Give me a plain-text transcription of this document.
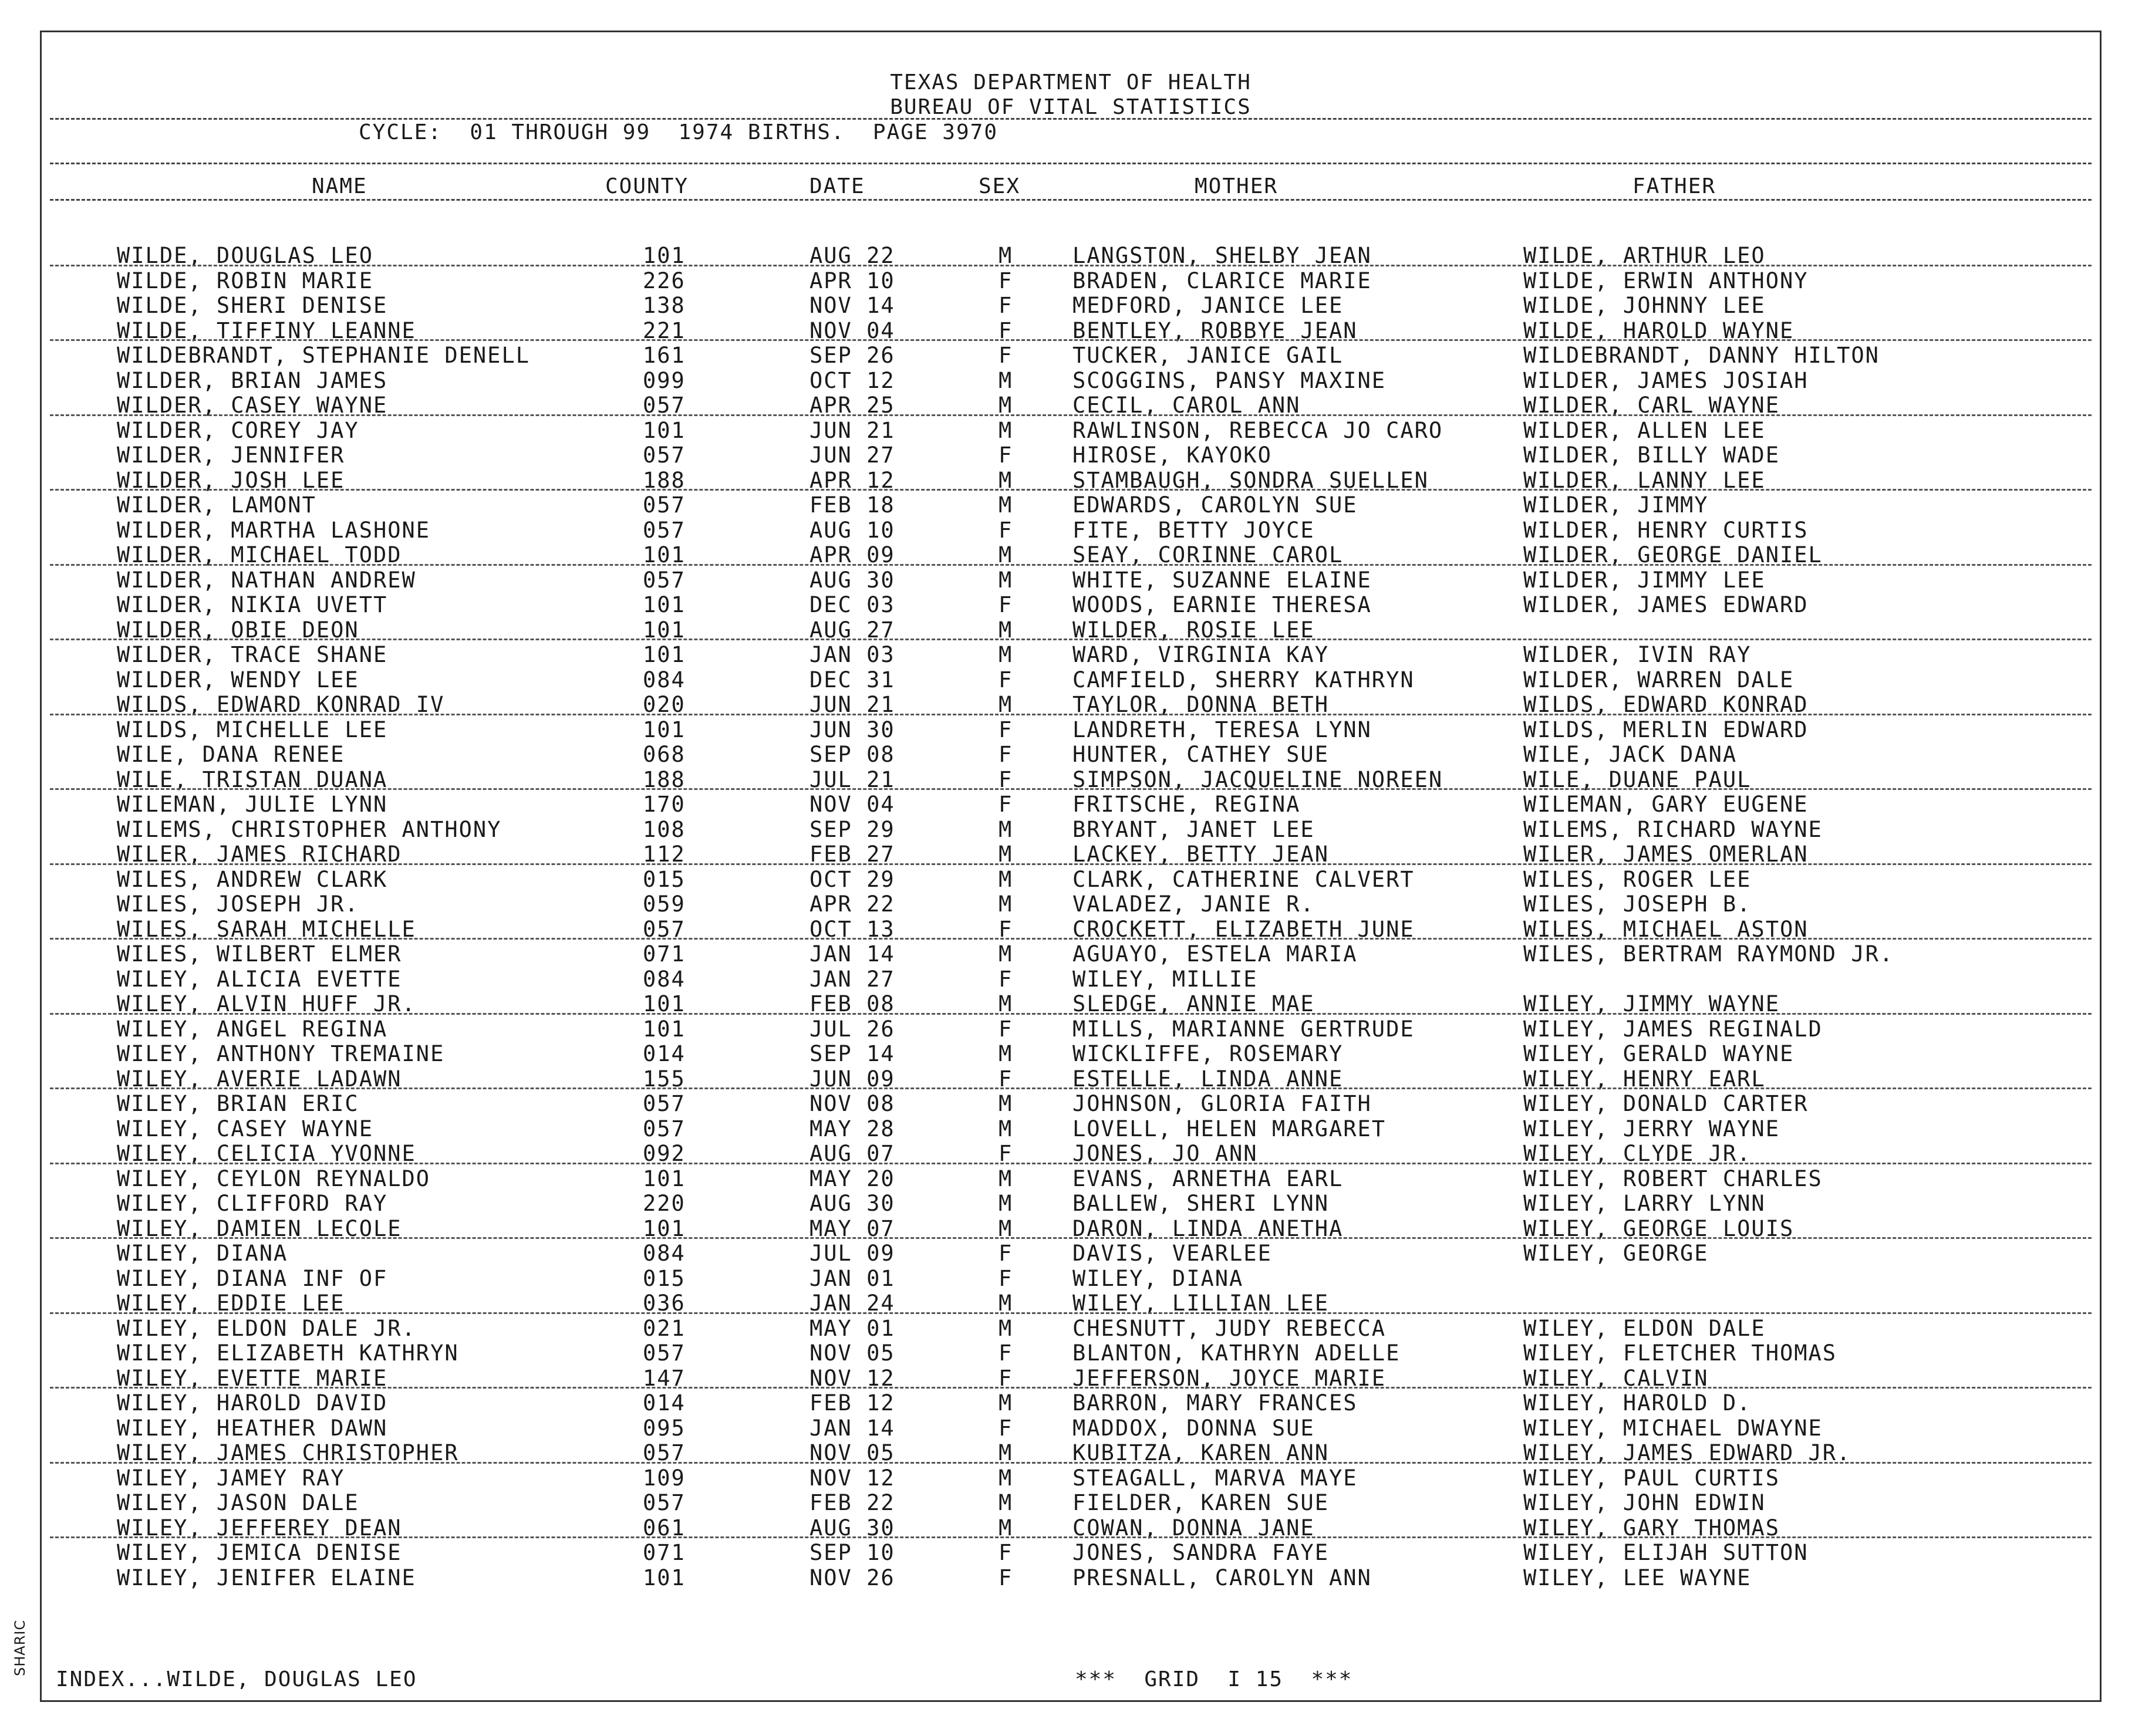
TEXAS DEPARTMENT OF HEALTH
BUREAU OF VITAL STATISTICS
CYCLE:  01 THROUGH 99  1974 BIRTHS.  PAGE 3970
NAME	COUNTY	DATE	SEX	MOTHER	FATHER
WILDE, DOUGLAS LEO	101	AUG 22	M	LANGSTON, SHELBY JEAN	WILDE, ARTHUR LEO
WILDE, ROBIN MARIE	226	APR 10	F	BRADEN, CLARICE MARIE	WILDE, ERWIN ANTHONY
WILDE, SHERI DENISE	138	NOV 14	F	MEDFORD, JANICE LEE	WILDE, JOHNNY LEE
WILDE, TIFFINY LEANNE	221	NOV 04	F	BENTLEY, ROBBYE JEAN	WILDE, HAROLD WAYNE
WILDEBRANDT, STEPHANIE DENELL	161	SEP 26	F	TUCKER, JANICE GAIL	WILDEBRANDT, DANNY HILTON
WILDER, BRIAN JAMES	099	OCT 12	M	SCOGGINS, PANSY MAXINE	WILDER, JAMES JOSIAH
WILDER, CASEY WAYNE	057	APR 25	M	CECIL, CAROL ANN	WILDER, CARL WAYNE
WILDER, COREY JAY	101	JUN 21	M	RAWLINSON, REBECCA JO CARO	WILDER, ALLEN LEE
WILDER, JENNIFER	057	JUN 27	F	HIROSE, KAYOKO	WILDER, BILLY WADE
WILDER, JOSH LEE	188	APR 12	M	STAMBAUGH, SONDRA SUELLEN	WILDER, LANNY LEE
WILDER, LAMONT	057	FEB 18	M	EDWARDS, CAROLYN SUE	WILDER, JIMMY
WILDER, MARTHA LASHONE	057	AUG 10	F	FITE, BETTY JOYCE	WILDER, HENRY CURTIS
WILDER, MICHAEL TODD	101	APR 09	M	SEAY, CORINNE CAROL	WILDER, GEORGE DANIEL
WILDER, NATHAN ANDREW	057	AUG 30	M	WHITE, SUZANNE ELAINE	WILDER, JIMMY LEE
WILDER, NIKIA UVETT	101	DEC 03	F	WOODS, EARNIE THERESA	WILDER, JAMES EDWARD
WILDER, OBIE DEON	101	AUG 27	M	WILDER, ROSIE LEE
WILDER, TRACE SHANE	101	JAN 03	M	WARD, VIRGINIA KAY	WILDER, IVIN RAY
WILDER, WENDY LEE	084	DEC 31	F	CAMFIELD, SHERRY KATHRYN	WILDER, WARREN DALE
WILDS, EDWARD KONRAD IV	020	JUN 21	M	TAYLOR, DONNA BETH	WILDS, EDWARD KONRAD
WILDS, MICHELLE LEE	101	JUN 30	F	LANDRETH, TERESA LYNN	WILDS, MERLIN EDWARD
WILE, DANA RENEE	068	SEP 08	F	HUNTER, CATHEY SUE	WILE, JACK DANA
WILE, TRISTAN DUANA	188	JUL 21	F	SIMPSON, JACQUELINE NOREEN	WILE, DUANE PAUL
WILEMAN, JULIE LYNN	170	NOV 04	F	FRITSCHE, REGINA	WILEMAN, GARY EUGENE
WILEMS, CHRISTOPHER ANTHONY	108	SEP 29	M	BRYANT, JANET LEE	WILEMS, RICHARD WAYNE
WILER, JAMES RICHARD	112	FEB 27	M	LACKEY, BETTY JEAN	WILER, JAMES OMERLAN
WILES, ANDREW CLARK	015	OCT 29	M	CLARK, CATHERINE CALVERT	WILES, ROGER LEE
WILES, JOSEPH JR.	059	APR 22	M	VALADEZ, JANIE R.	WILES, JOSEPH B.
WILES, SARAH MICHELLE	057	OCT 13	F	CROCKETT, ELIZABETH JUNE	WILES, MICHAEL ASTON
WILES, WILBERT ELMER	071	JAN 14	M	AGUAYO, ESTELA MARIA	WILES, BERTRAM RAYMOND JR.
WILEY, ALICIA EVETTE	084	JAN 27	F	WILEY, MILLIE
WILEY, ALVIN HUFF JR.	101	FEB 08	M	SLEDGE, ANNIE MAE	WILEY, JIMMY WAYNE
WILEY, ANGEL REGINA	101	JUL 26	F	MILLS, MARIANNE GERTRUDE	WILEY, JAMES REGINALD
WILEY, ANTHONY TREMAINE	014	SEP 14	M	WICKLIFFE, ROSEMARY	WILEY, GERALD WAYNE
WILEY, AVERIE LADAWN	155	JUN 09	F	ESTELLE, LINDA ANNE	WILEY, HENRY EARL
WILEY, BRIAN ERIC	057	NOV 08	M	JOHNSON, GLORIA FAITH	WILEY, DONALD CARTER
WILEY, CASEY WAYNE	057	MAY 28	M	LOVELL, HELEN MARGARET	WILEY, JERRY WAYNE
WILEY, CELICIA YVONNE	092	AUG 07	F	JONES, JO ANN	WILEY, CLYDE JR.
WILEY, CEYLON REYNALDO	101	MAY 20	M	EVANS, ARNETHA EARL	WILEY, ROBERT CHARLES
WILEY, CLIFFORD RAY	220	AUG 30	M	BALLEW, SHERI LYNN	WILEY, LARRY LYNN
WILEY, DAMIEN LECOLE	101	MAY 07	M	DARON, LINDA ANETHA	WILEY, GEORGE LOUIS
WILEY, DIANA	084	JUL 09	F	DAVIS, VEARLEE	WILEY, GEORGE
WILEY, DIANA INF OF	015	JAN 01	F	WILEY, DIANA
WILEY, EDDIE LEE	036	JAN 24	M	WILEY, LILLIAN LEE
WILEY, ELDON DALE JR.	021	MAY 01	M	CHESNUTT, JUDY REBECCA	WILEY, ELDON DALE
WILEY, ELIZABETH KATHRYN	057	NOV 05	F	BLANTON, KATHRYN ADELLE	WILEY, FLETCHER THOMAS
WILEY, EVETTE MARIE	147	NOV 12	F	JEFFERSON, JOYCE MARIE	WILEY, CALVIN
WILEY, HAROLD DAVID	014	FEB 12	M	BARRON, MARY FRANCES	WILEY, HAROLD D.
WILEY, HEATHER DAWN	095	JAN 14	F	MADDOX, DONNA SUE	WILEY, MICHAEL DWAYNE
WILEY, JAMES CHRISTOPHER	057	NOV 05	M	KUBITZA, KAREN ANN	WILEY, JAMES EDWARD JR.
WILEY, JAMEY RAY	109	NOV 12	M	STEAGALL, MARVA MAYE	WILEY, PAUL CURTIS
WILEY, JASON DALE	057	FEB 22	M	FIELDER, KAREN SUE	WILEY, JOHN EDWIN
WILEY, JEFFEREY DEAN	061	AUG 30	M	COWAN, DONNA JANE	WILEY, GARY THOMAS
WILEY, JEMICA DENISE	071	SEP 10	F	JONES, SANDRA FAYE	WILEY, ELIJAH SUTTON
WILEY, JENIFER ELAINE	101	NOV 26	F	PRESNALL, CAROLYN ANN	WILEY, LEE WAYNE
INDEX...WILDE, DOUGLAS LEO	***  GRID  I 15  ***
SHARIC
